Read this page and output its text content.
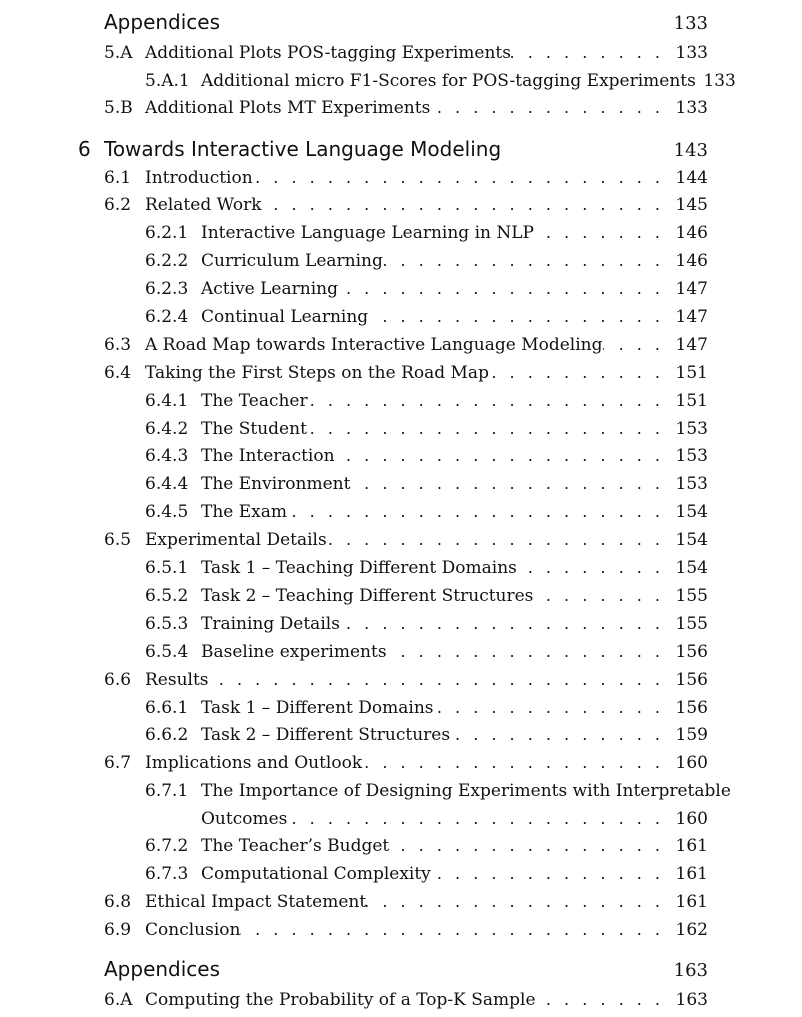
Appendices	133
5.A Additional Plots POS-tagging Experiments . . .	133
5.A.1 Additional micro F1-Scores for POS-tagging Experiments 133
5.B Additional Plots MT Experiments . . .	133
6 Towards Interactive Language Modeling	143
6.1 Introduction . . .	144
6.2 Related Work . . .	145
6.2.1 Interactive Language Learning in NLP . . .	146
6.2.2 Curriculum Learning . . .	146
6.2.3 Active Learning . . .	147
6.2.4 Continual Learning . . .	147
6.3 A Road Map towards Interactive Language Modeling . . .	147
6.4 Taking the First Steps on the Road Map . . .	151
6.4.1 The Teacher . . .	151
6.4.2 The Student . . .	153
6.4.3 The Interaction . . .	153
6.4.4 The Environment . . .	153
6.4.5 The Exam . . .	154
6.5 Experimental Details . . .	154
6.5.1 Task 1 – Teaching Different Domains . . .	154
6.5.2 Task 2 – Teaching Different Structures . . .	155
6.5.3 Training Details . . .	155
6.5.4 Baseline experiments . . .	156
6.6 Results . . .	156
6.6.1 Task 1 – Different Domains . . .	156
6.6.2 Task 2 – Different Structures . . .	159
6.7 Implications and Outlook . . .	160
6.7.1 The Importance of Designing Experiments with Interpretable
Outcomes . . .	160
6.7.2 The Teacher’s Budget . . .	161
6.7.3 Computational Complexity . . .	161
6.8 Ethical Impact Statement . . .	161
6.9 Conclusion . . .	162
Appendices	163
6.A Computing the Probability of a Top-K Sample . . .	163
